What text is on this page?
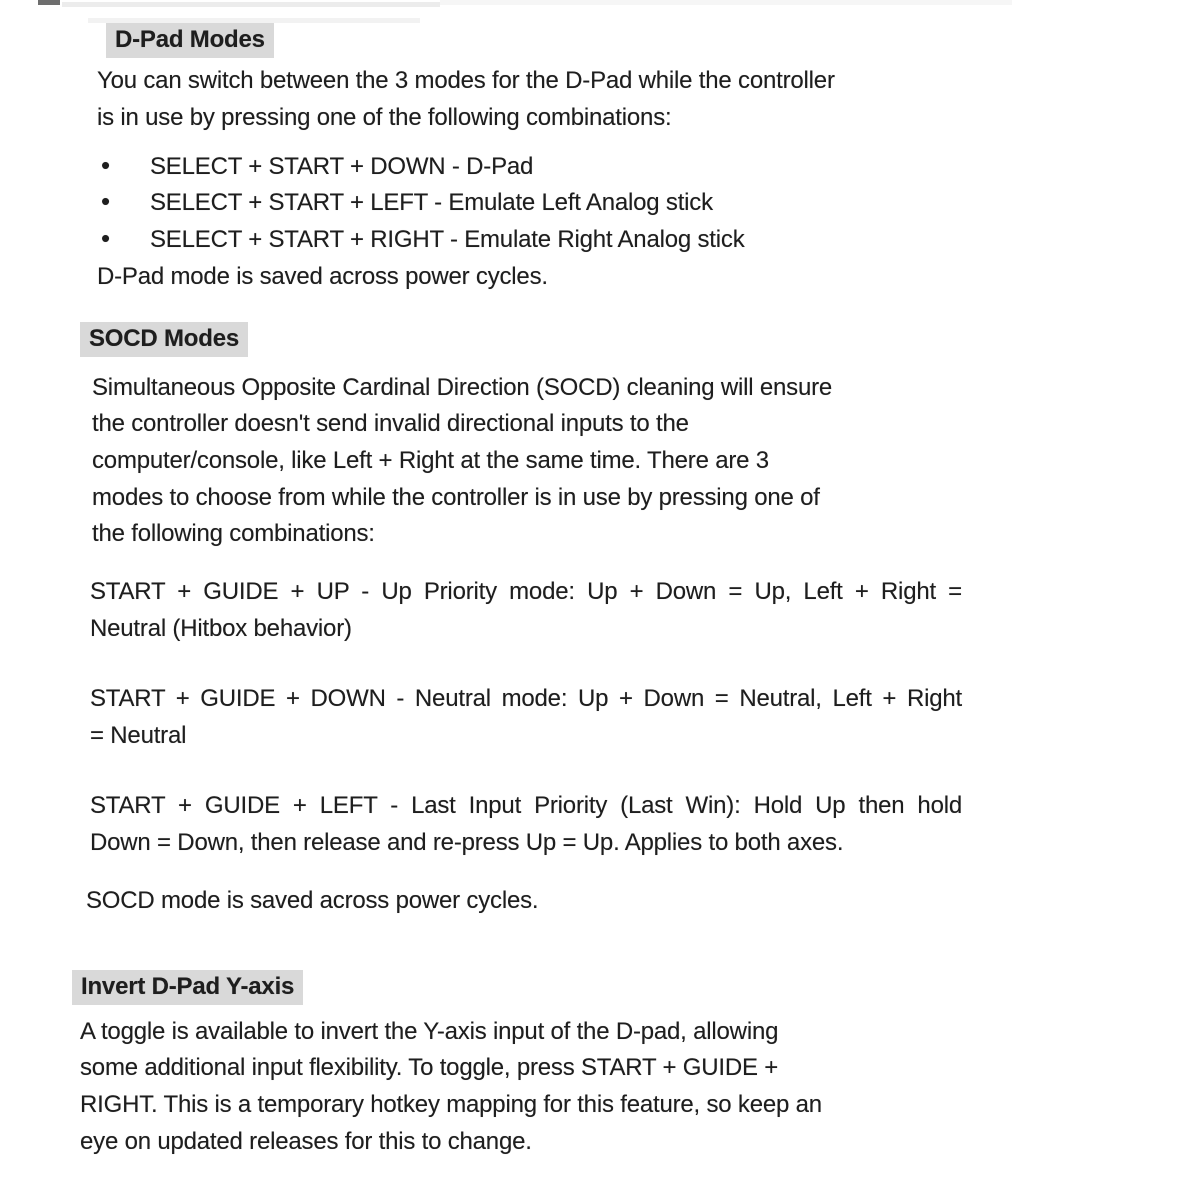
D-Pad Modes
You can switch between the 3 modes for the D-Pad while the controller
is in use by pressing one of the following combinations:
• SELECT + START + DOWN - D-Pad
• SELECT + START + LEFT - Emulate Left Analog stick
• SELECT + START + RIGHT - Emulate Right Analog stick
D-Pad mode is saved across power cycles.
SOCD Modes
Simultaneous Opposite Cardinal Direction (SOCD) cleaning will ensure
the controller doesn't send invalid directional inputs to the
computer/console, like Left + Right at the same time. There are 3
modes to choose from while the controller is in use by pressing one of
the following combinations:
START + GUIDE + UP - Up Priority mode: Up + Down = Up, Left + Right =
Neutral (Hitbox behavior)
START + GUIDE + DOWN - Neutral mode: Up + Down = Neutral, Left + Right
= Neutral
START + GUIDE + LEFT - Last Input Priority (Last Win): Hold Up then hold
Down = Down, then release and re-press Up = Up. Applies to both axes.
SOCD mode is saved across power cycles.
Invert D-Pad Y-axis
A toggle is available to invert the Y-axis input of the D-pad, allowing
some additional input flexibility. To toggle, press START + GUIDE +
RIGHT. This is a temporary hotkey mapping for this feature, so keep an
eye on updated releases for this to change.
